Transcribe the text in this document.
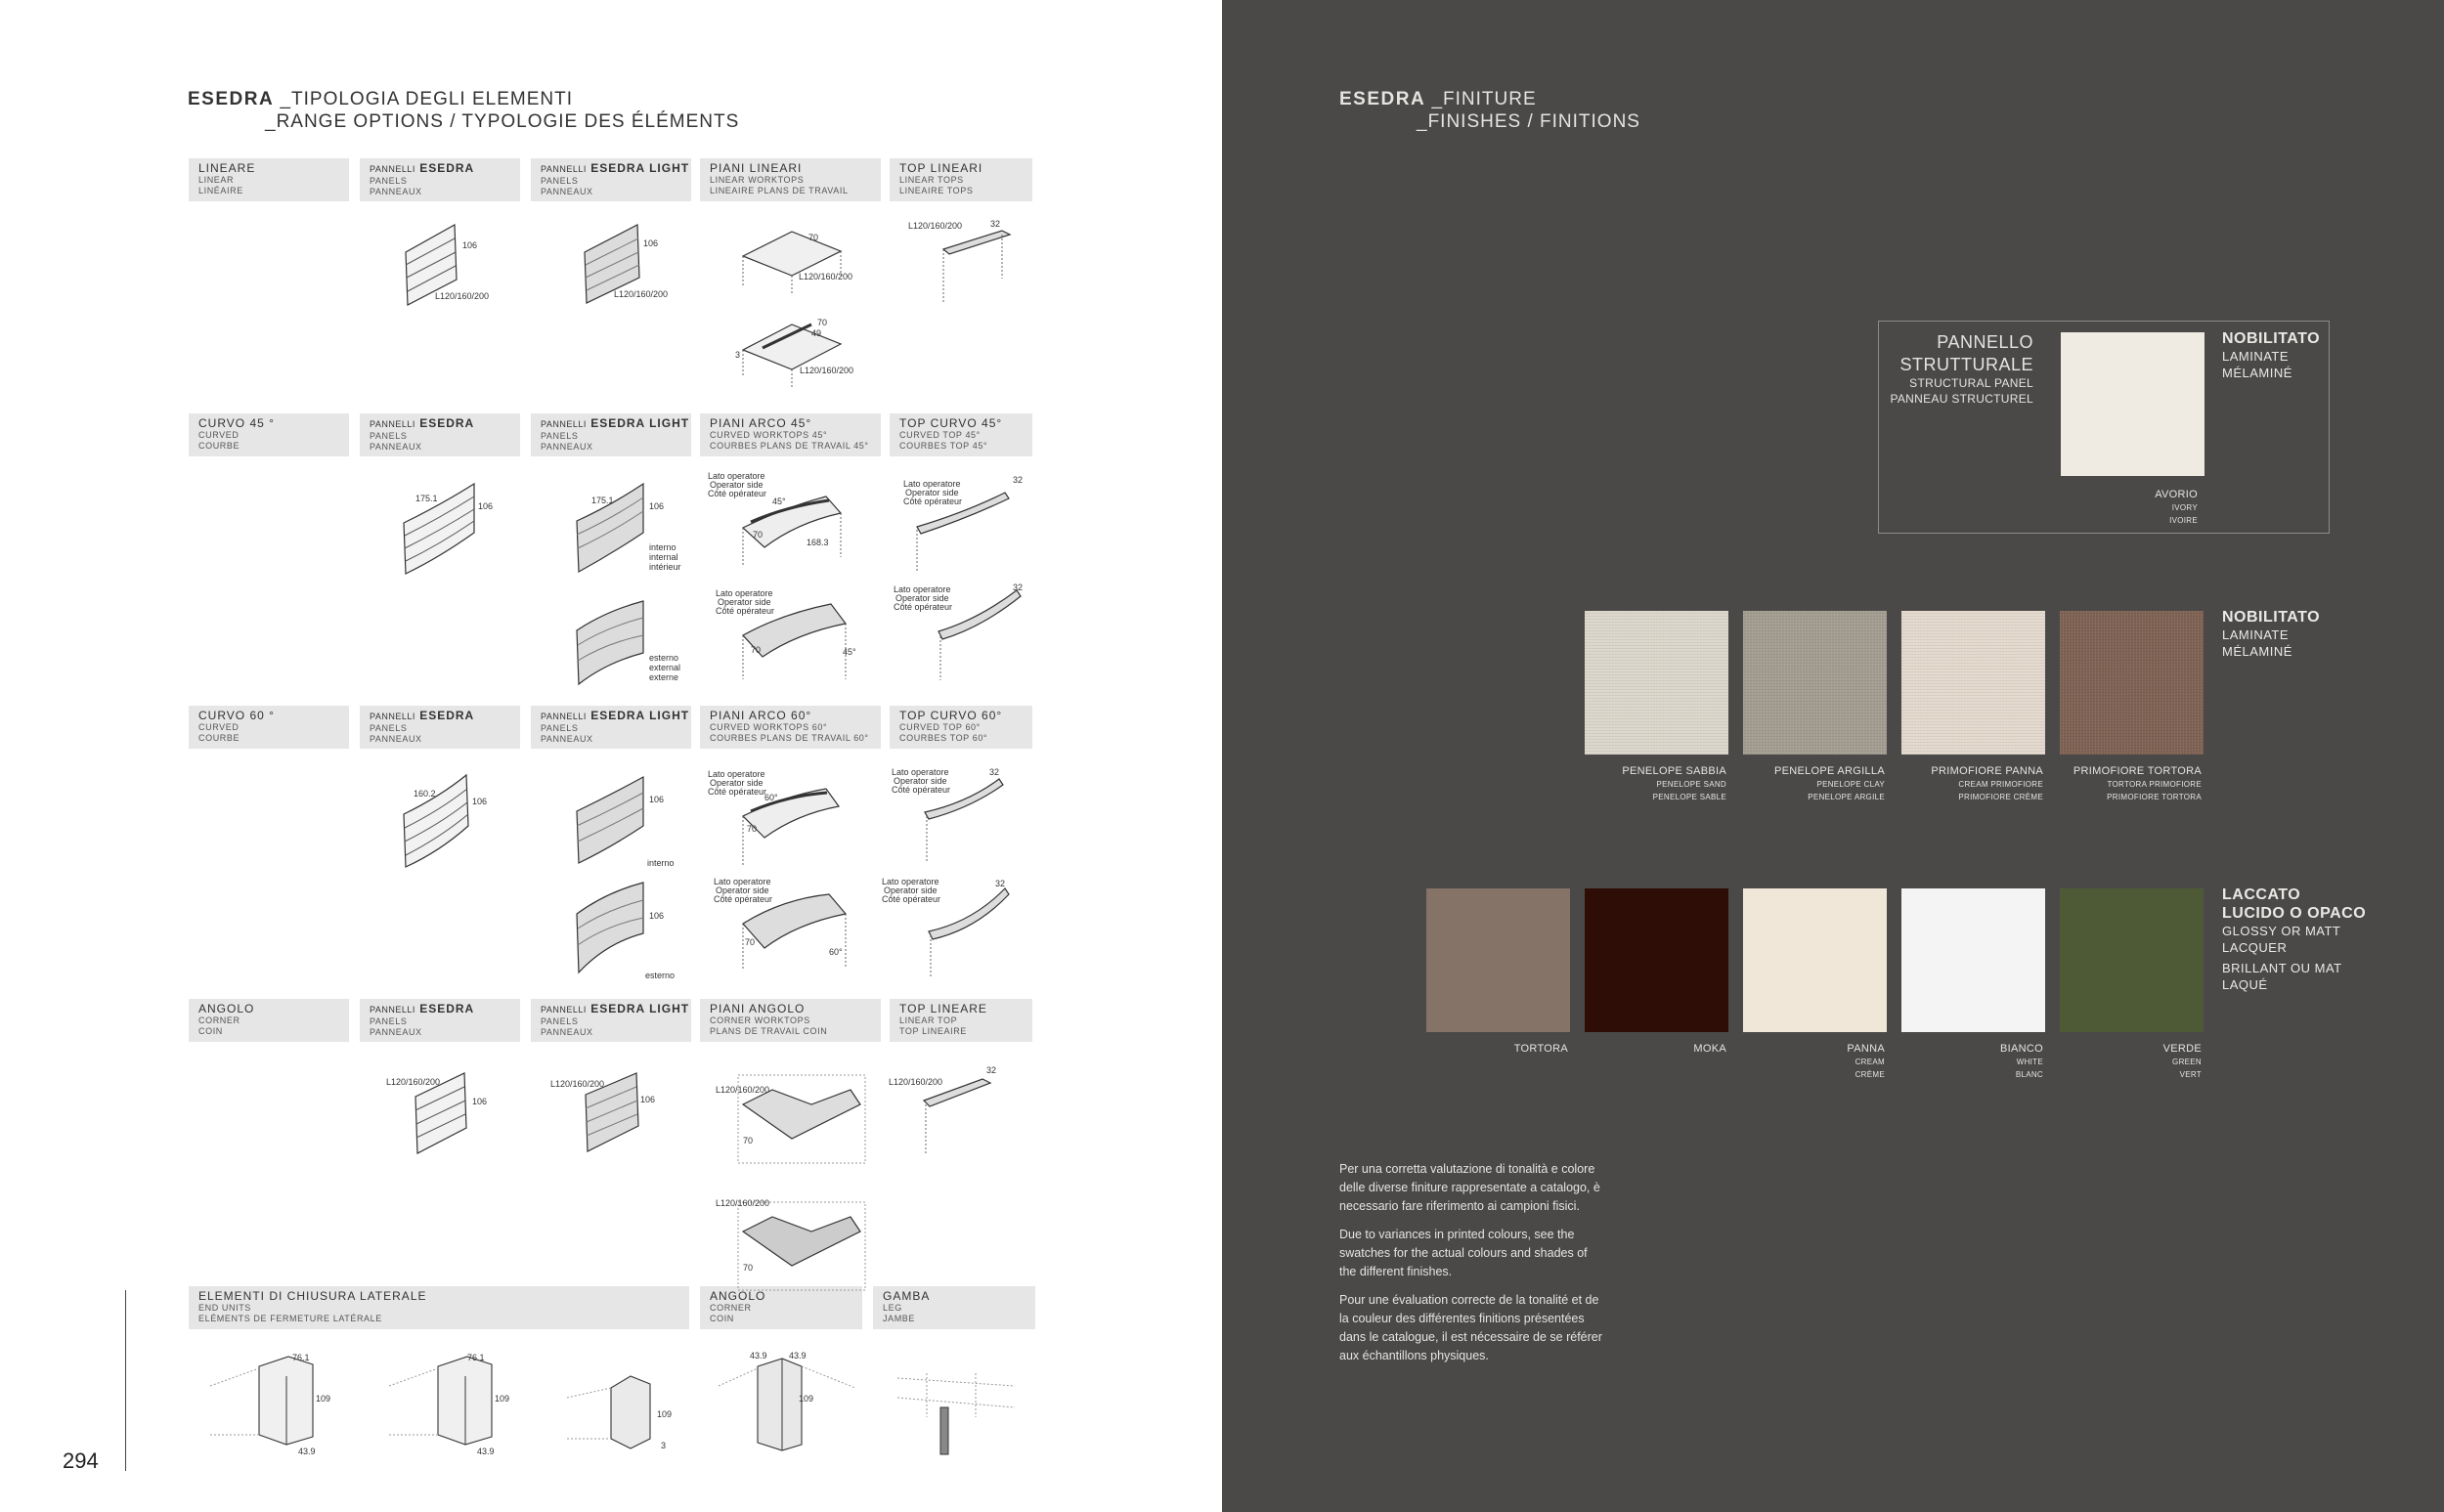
ESEDRA _TIPOLOGIA DEGLI ELEMENTI
_RANGE OPTIONS / TYPOLOGIE DES ÉLÉMENTS
LINEARE
LINEAR
LINÉAIRE
PANNELLI ESEDRA
PANELS
PANNEAUX
PANNELLI ESEDRA LIGHT
PANELS
PANNEAUX
PIANI LINEARI
LINEAR WORKTOPS
LINEAIRE PLANS DE TRAVAIL
TOP LINEARI
LINEAR TOPS
LINEAIRE TOPS
CURVO 45 °
CURVED
COURBE
PANNELLI ESEDRA
PANELS
PANNEAUX
PANNELLI ESEDRA LIGHT
PANELS
PANNEAUX
PIANI ARCO 45°
CURVED WORKTOPS 45°
COURBES PLANS DE TRAVAIL 45°
TOP CURVO 45°
CURVED TOP 45°
COURBES TOP 45°
CURVO 60 °
CURVED
COURBE
PANNELLI ESEDRA
PANELS
PANNEAUX
PANNELLI ESEDRA LIGHT
PANELS
PANNEAUX
PIANI ARCO 60°
CURVED WORKTOPS 60°
COURBES PLANS DE TRAVAIL 60°
TOP CURVO 60°
CURVED TOP 60°
COURBES TOP 60°
ANGOLO
CORNER
COIN
PANNELLI ESEDRA
PANELS
PANNEAUX
PANNELLI ESEDRA LIGHT
PANELS
PANNEAUX
PIANI ANGOLO
CORNER WORKTOPS
PLANS DE TRAVAIL COIN
TOP LINEARE
LINEAR TOP
TOP LINEAIRE
ELEMENTI DI CHIUSURA LATERALE
END UNITS
ELÉMENTS DE FERMETURE LATÉRALE
ANGOLO
CORNER
COIN
GAMBA
LEG
JAMBE
106
L120/160/200
106
L120/160/200
70
L120/160/200
70
49
3
L120/160/200
L120/160/200	32
175.1
106
175.1
106
interno
internal
intérieur
esterno
external
externe
Lato operatore
Operator side
Côté opérateur
45°
70
168.3
Lato operatore
Operator side
Côté opérateur
70	45°
Lato operatore
Operator side
Côté opérateur
32
Lato operatore
Operator side
Côté opérateur
32
160.2
106	106
interno
106
esterno
Lato operatore
Operator side
Côté opérateur
60°
70
Lato operatore
Operator side
Côté opérateur
70
60°
Lato operatore
Operator side
Côté opérateur
32
Lato operatore
Operator side
Côté opérateur
32
L120/160/200
106
L120/160/200
106
L120/160/200
70
L120/160/200
70
L120/160/200
32
76.1
109
43.9
76.1
109
43.9
109
3
43.9 43.9
109
294
ESEDRA _FINITURE
_FINISHES / FINITIONS
PANNELLO
STRUTTURALE
STRUCTURAL PANEL
PANNEAU STRUCTUREL
AVORIO
IVORY
IVOIRE
NOBILITATO
LAMINATE
MÉLAMINÉ
PENELOPE SABBIA
PENELOPE SAND
PENELOPE SABLE
PENELOPE ARGILLA
PENELOPE CLAY
PENELOPE ARGILE
PRIMOFIORE PANNA
CREAM PRIMOFIORE
PRIMOFIORE CRÈME
PRIMOFIORE TORTORA
TORTORA PRIMOFIORE
PRIMOFIORE TORTORA
NOBILITATO
LAMINATE
MÉLAMINÉ
TORTORA	MOKA	PANNA
CREAM
CRÈME
BIANCO
WHITE
BLANC
VERDE
GREEN
VERT
LACCATO
LUCIDO O OPACO
GLOSSY OR MATT
LACQUER
BRILLANT OU MAT
LAQUÉ

Per una corretta valutazione di tonalità e colore delle diverse finiture rappresentate a catalogo, è necessario fare riferimento ai campioni fisici.

Due to variances in printed colours, see the swatches for the actual colours and shades of the different finishes.

Pour une évaluation correcte de la tonalité et de la couleur des différentes finitions présentées dans le catalogue, il est nécessaire de se référer aux échantillons physiques.
